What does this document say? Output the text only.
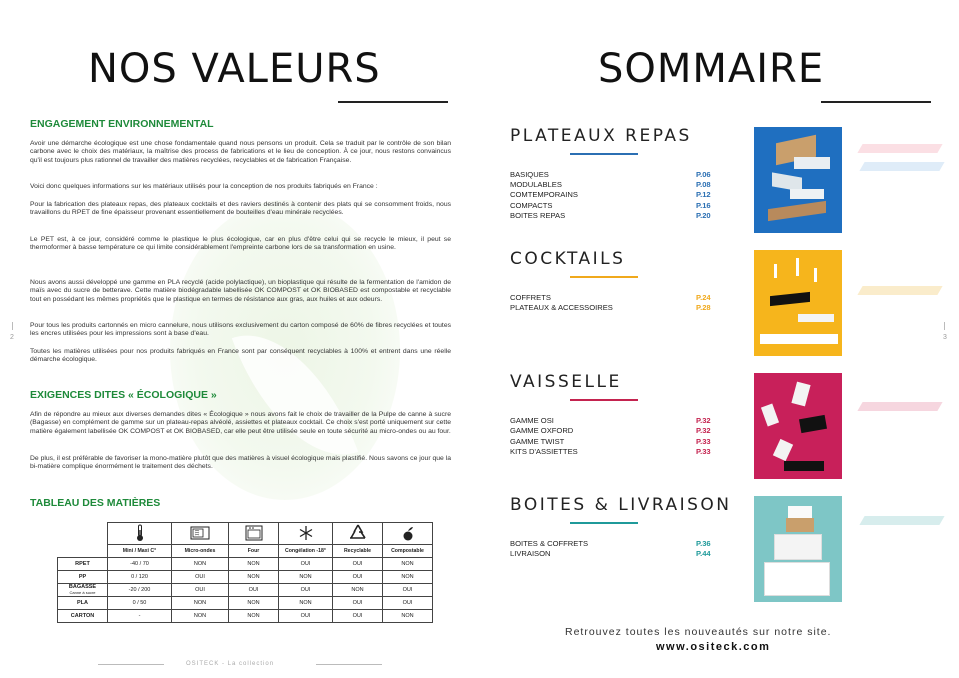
NOS VALEURS
ENGAGEMENT ENVIRONNEMENTAL
Avoir une démarche écologique est une chose fondamentale quand nous pensons un produit. Cela se traduit par le contrôle de son bilan carbone avec le choix des matériaux, la maîtrise des process de fabrications et le lieu de conception. À ce jour, nous restons convaincus qu'il est toujours plus rationnel de travailler des matières recyclées, recyclables et de fabrication Française.
Voici donc quelques informations sur les matériaux utilisés pour la conception de nos produits fabriqués en France :
Pour la fabrication des plateaux repas, des plateaux cocktails et des raviers destinés à contenir des plats qui se consomment froids, nous travaillons du RPET de fine épaisseur provenant essentiellement de bouteilles d'eau minérale recyclées.
Le PET est, à ce jour, considéré comme le plastique le plus écologique, car en plus d'être celui qui se recycle le mieux, il peut se thermoformer à basse température ce qui limite considérablement l'empreinte carbone lors de sa transformation en usine.
Nous avons aussi développé une gamme en PLA recyclé (acide polylactique), un bioplastique qui résulte de la fermentation de l'amidon de maïs avec du sucre de betterave. Cette matière biodégradable labellisée OK COMPOST et OK BIOBASED est compostable et recyclable tout en possédant les mêmes propriétés que le plastique en termes de résistance aux gras, aux huiles et aux odeurs.
Pour tous les produits cartonnés en micro cannelure, nous utilisons exclusivement du carton composé de 60% de fibres recyclées et toutes les encres utilisées pour les impressions sont à base d'eau.
Toutes les matières utilisées pour nos produits fabriqués en France sont par conséquent recyclables à 100% et entrent dans une réelle démarche écologique.
EXIGENCES DITES « ÉCOLOGIQUE »
Afin de répondre au mieux aux diverses demandes dites « Écologique » nous avons fait le choix de travailler de la Pulpe de canne à sucre (Bagasse) en complément de gamme sur un plateau-repas alvéolé, assiettes et plateaux cocktail. Ce choix s'est porté uniquement sur cette matière également labellisée OK COMPOST et OK BIOBASED, car elle peut être utilisée seule en toute sécurité au micro-ondes ou au four.
De plus, il est préférable de favoriser la mono-matière plutôt que des matières à visuel écologique mais plastifié. Nous savons ce jour que la bi-matière complique énormément le traitement des déchets.
TABLEAU DES MATIÈRES
2

	Mini / Maxi C°	Micro-ondes	Four	Congélation -18°	Recyclable	Compostable
RPET	-40 / 70	NON	NON	OUI	OUI	NON
PP	0 / 120	OUI	NON	NON	OUI	NON
BAGASSE
Canne à sucre	-20 / 200	OUI	OUI	OUI	NON	OUI
PLA	0 / 50	NON	NON	NON	OUI	OUI
CARTON	-	NON	NON	OUI	OUI	NON
OSITECK - La collection
SOMMAIRE
3
PLATEAUX REPAS
BASIQUES	P.06
MODULABLES	P.08
COMTEMPORAINS	P.12
COMPACTS	P.16
BOITES REPAS	P.20
COCKTAILS
COFFRETS	P.24
PLATEAUX & ACCESSOIRES	P.28
VAISSELLE
GAMME OSI	P.32
GAMME OXFORD	P.32
GAMME TWIST	P.33
KITS D'ASSIETTES	P.33
BOITES & LIVRAISON
BOITES & COFFRETS	P.36
LIVRAISON	P.44
Retrouvez toutes les nouveautés sur notre site.
www.ositeck.com
